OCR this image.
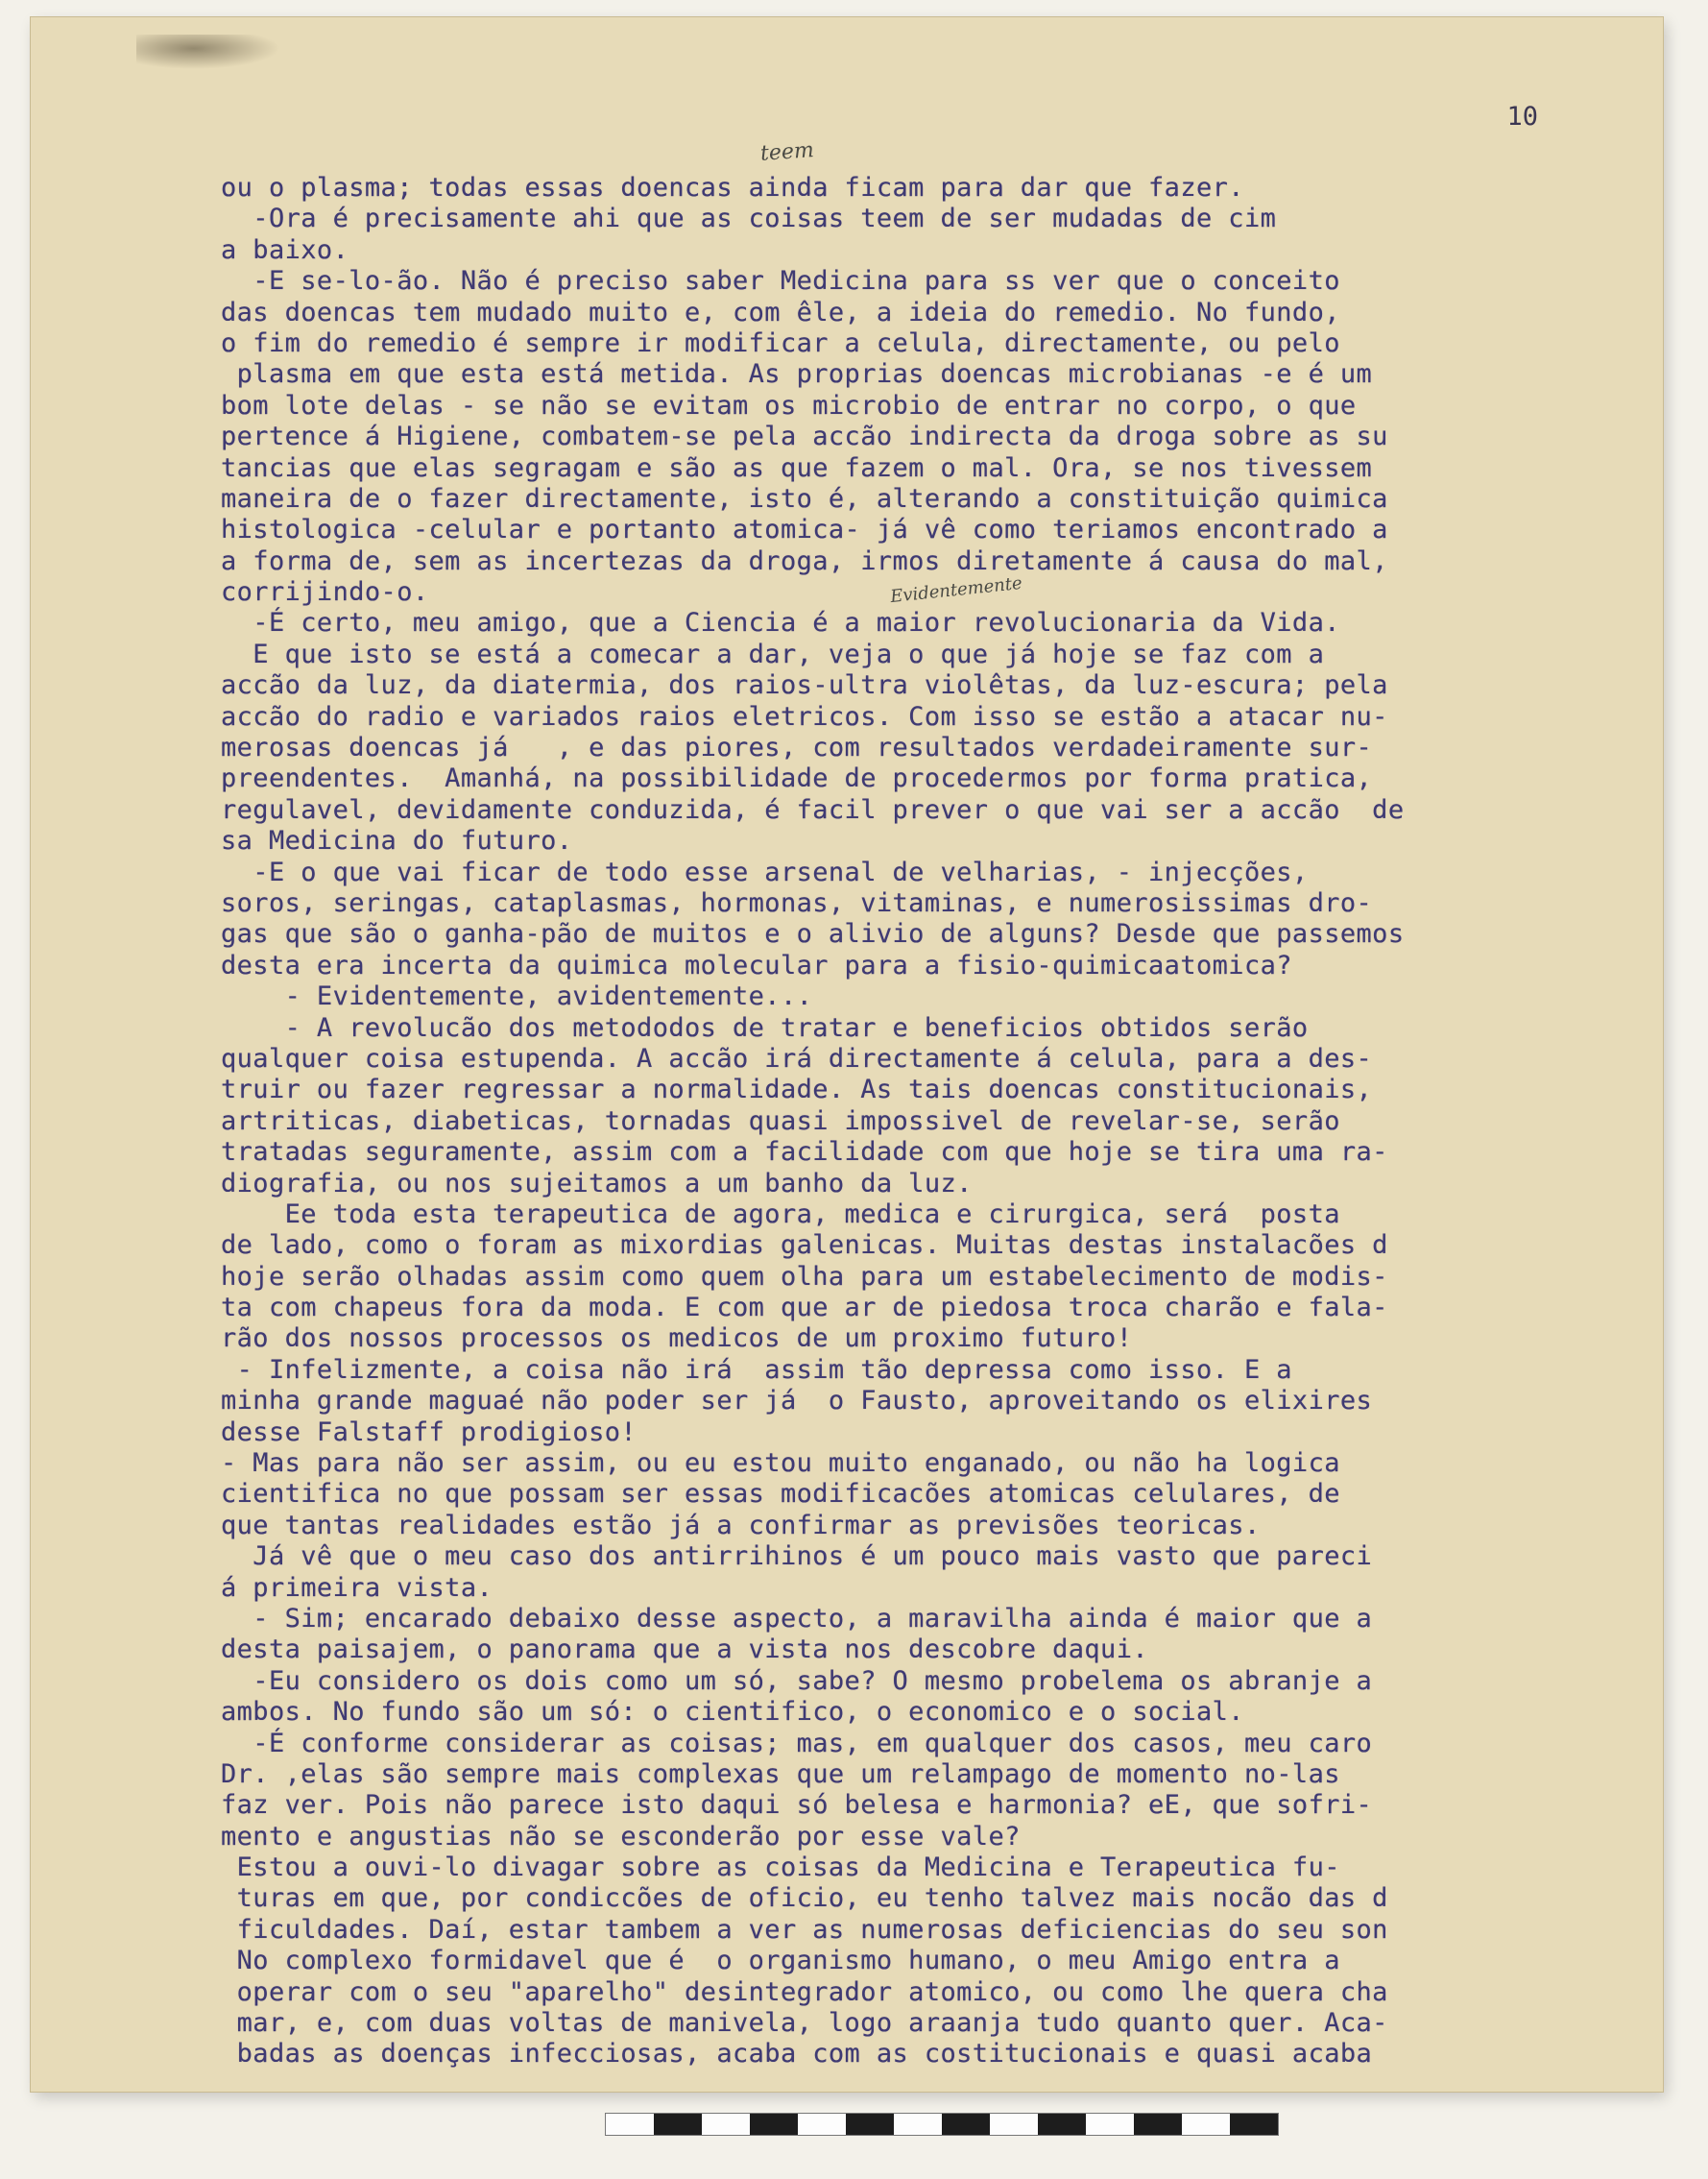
10
teem
Evidentemente
ou o plasma; todas essas doencas ainda ficam para dar que fazer.
-Ora é precisamente ahi que as coisas teem de ser mudadas de cim
a baixo.
-E se-lo-ão. Não é preciso saber Medicina para ss ver que o conceito
das doencas tem mudado muito e, com êle, a ideia do remedio. No fundo,
o fim do remedio é sempre ir modificar a celula, directamente, ou pelo
plasma em que esta está metida. As proprias doencas microbianas -e é um
bom lote delas - se não se evitam os microbio de entrar no corpo, o que
pertence á Higiene, combatem-se pela accão indirecta da droga sobre as su
tancias que elas segragam e são as que fazem o mal. Ora, se nos tivessem
maneira de o fazer directamente, isto é, alterando a constituição quimica
histologica -celular e portanto atomica- já vê como teriamos encontrado a
a forma de, sem as incertezas da droga, irmos diretamente á causa do mal,
corrijindo-o.
-É certo, meu amigo, que a Ciencia é a maior revolucionaria da Vida.
E que isto se está a comecar a dar, veja o que já hoje se faz com a
accão da luz, da diatermia, dos raios-ultra violêtas, da luz-escura; pela
accão do radio e variados raios eletricos. Com isso se estão a atacar nu-
merosas doencas já   , e das piores, com resultados verdadeiramente sur-
preendentes.  Amanhá, na possibilidade de procedermos por forma pratica,
regulavel, devidamente conduzida, é facil prever o que vai ser a accão  de
sa Medicina do futuro.
-E o que vai ficar de todo esse arsenal de velharias, - injecções,
soros, seringas, cataplasmas, hormonas, vitaminas, e numerosissimas dro-
gas que são o ganha-pão de muitos e o alivio de alguns? Desde que passemos
desta era incerta da quimica molecular para a fisio-quimicaatomica?
- Evidentemente, avidentemente...
- A revolucão dos metododos de tratar e beneficios obtidos serão
qualquer coisa estupenda. A accão irá directamente á celula, para a des-
truir ou fazer regressar a normalidade. As tais doencas constitucionais,
artriticas, diabeticas, tornadas quasi impossivel de revelar-se, serão
tratadas seguramente, assim com a facilidade com que hoje se tira uma ra-
diografia, ou nos sujeitamos a um banho da luz.
Ee toda esta terapeutica de agora, medica e cirurgica, será  posta
de lado, como o foram as mixordias galenicas. Muitas destas instalacões d
hoje serão olhadas assim como quem olha para um estabelecimento de modis-
ta com chapeus fora da moda. E com que ar de piedosa troca charão e fala-
rão dos nossos processos os medicos de um proximo futuro!
- Infelizmente, a coisa não irá  assim tão depressa como isso. E a
minha grande maguaé não poder ser já  o Fausto, aproveitando os elixires
desse Falstaff prodigioso!
- Mas para não ser assim, ou eu estou muito enganado, ou não ha logica
cientifica no que possam ser essas modificacões atomicas celulares, de
que tantas realidades estão já a confirmar as previsões teoricas.
Já vê que o meu caso dos antirrihinos é um pouco mais vasto que pareci
á primeira vista.
- Sim; encarado debaixo desse aspecto, a maravilha ainda é maior que a
desta paisajem, o panorama que a vista nos descobre daqui.
-Eu considero os dois como um só, sabe? O mesmo probelema os abranje a
ambos. No fundo são um só: o cientifico, o economico e o social.
-É conforme considerar as coisas; mas, em qualquer dos casos, meu caro
Dr. ,elas são sempre mais complexas que um relampago de momento no-las
faz ver. Pois não parece isto daqui só belesa e harmonia? eE, que sofri-
mento e angustias não se esconderão por esse vale?
Estou a ouvi-lo divagar sobre as coisas da Medicina e Terapeutica fu-
turas em que, por condiccões de oficio, eu tenho talvez mais nocão das d
ficuldades. Daí, estar tambem a ver as numerosas deficiencias do seu son
No complexo formidavel que é  o organismo humano, o meu Amigo entra a
operar com o seu "aparelho" desintegrador atomico, ou como lhe quera cha
mar, e, com duas voltas de manivela, logo araanja tudo quanto quer. Aca-
badas as doenças infecciosas, acaba com as costitucionais e quasi acaba
